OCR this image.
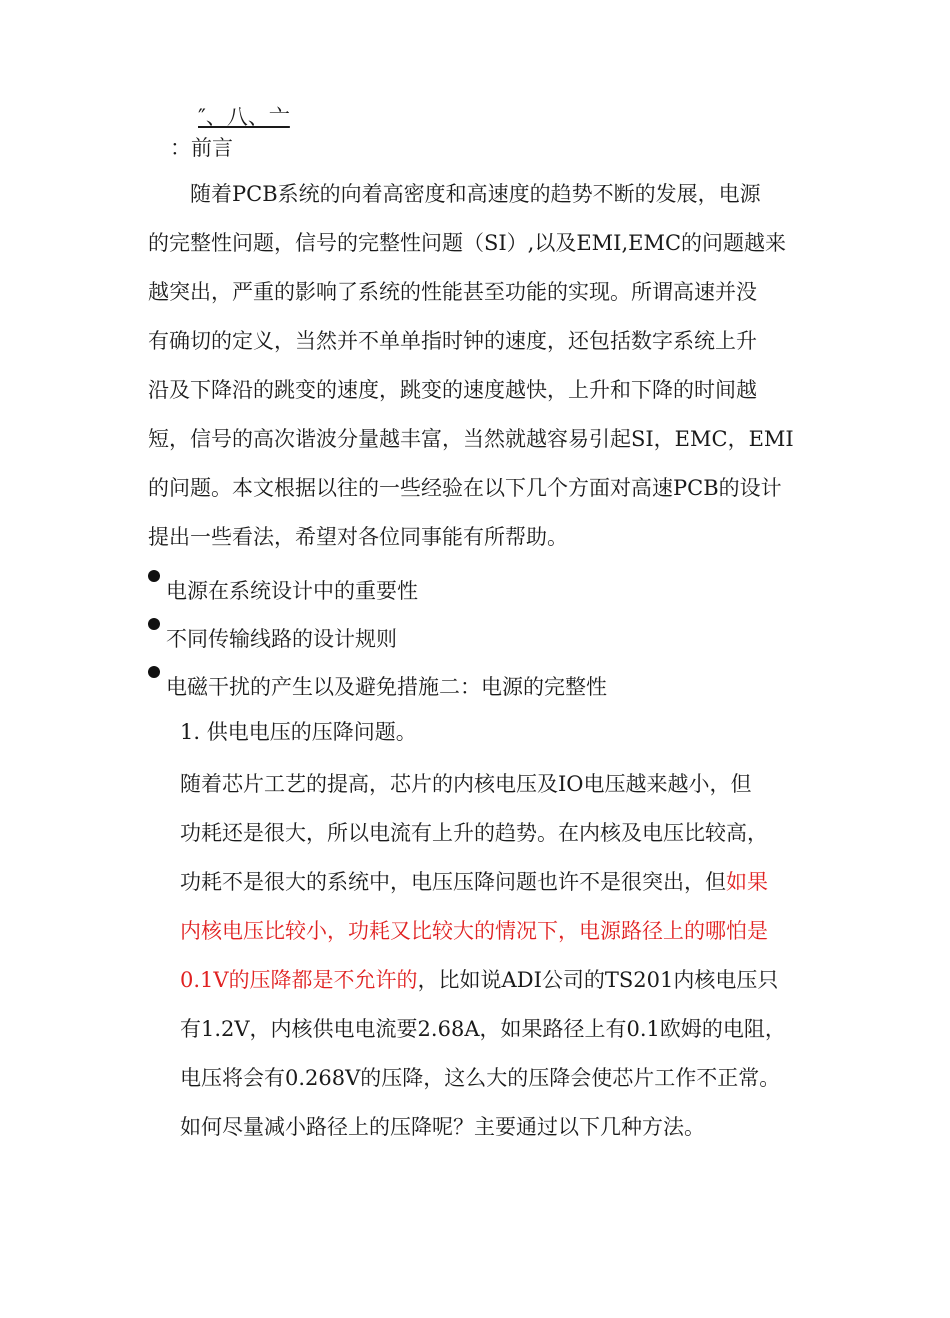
″、八、亠
：前言

随着PCB系统的向着高密度和高速度的趋势不断的发展，电源
的完整性问题，信号的完整性问题（SI）,以及EMI,EMC的问题越来
越突出，严重的影响了系统的性能甚至功能的实现。所谓高速并没
有确切的定义，当然并不单单指时钟的速度，还包括数字系统上升
沿及下降沿的跳变的速度，跳变的速度越快，上升和下降的时间越
短，信号的高次谐波分量越丰富，当然就越容易引起SI，EMC，EMI
的问题。本文根据以往的一些经验在以下几个方面对高速PCB的设计
提出一些看法，希望对各位同事能有所帮助。

电源在系统设计中的重要性
不同传输线路的设计规则
电磁干扰的产生以及避免措施二：电源的完整性
1. 供电电压的压降问题。
随着芯片工艺的提高，芯片的内核电压及IO电压越来越小，但
功耗还是很大，所以电流有上升的趋势。在内核及电压比较高，
功耗不是很大的系统中，电压压降问题也许不是很突出，但如果
内核电压比较小，功耗又比较大的情况下，电源路径上的哪怕是
0.1V的压降都是不允许的，比如说ADI公司的TS201内核电压只
有1.2V，内核供电电流要2.68A，如果路径上有0.1欧姆的电阻，
电压将会有0.268V的压降，这么大的压降会使芯片工作不正常。
如何尽量减小路径上的压降呢？主要通过以下几种方法。
